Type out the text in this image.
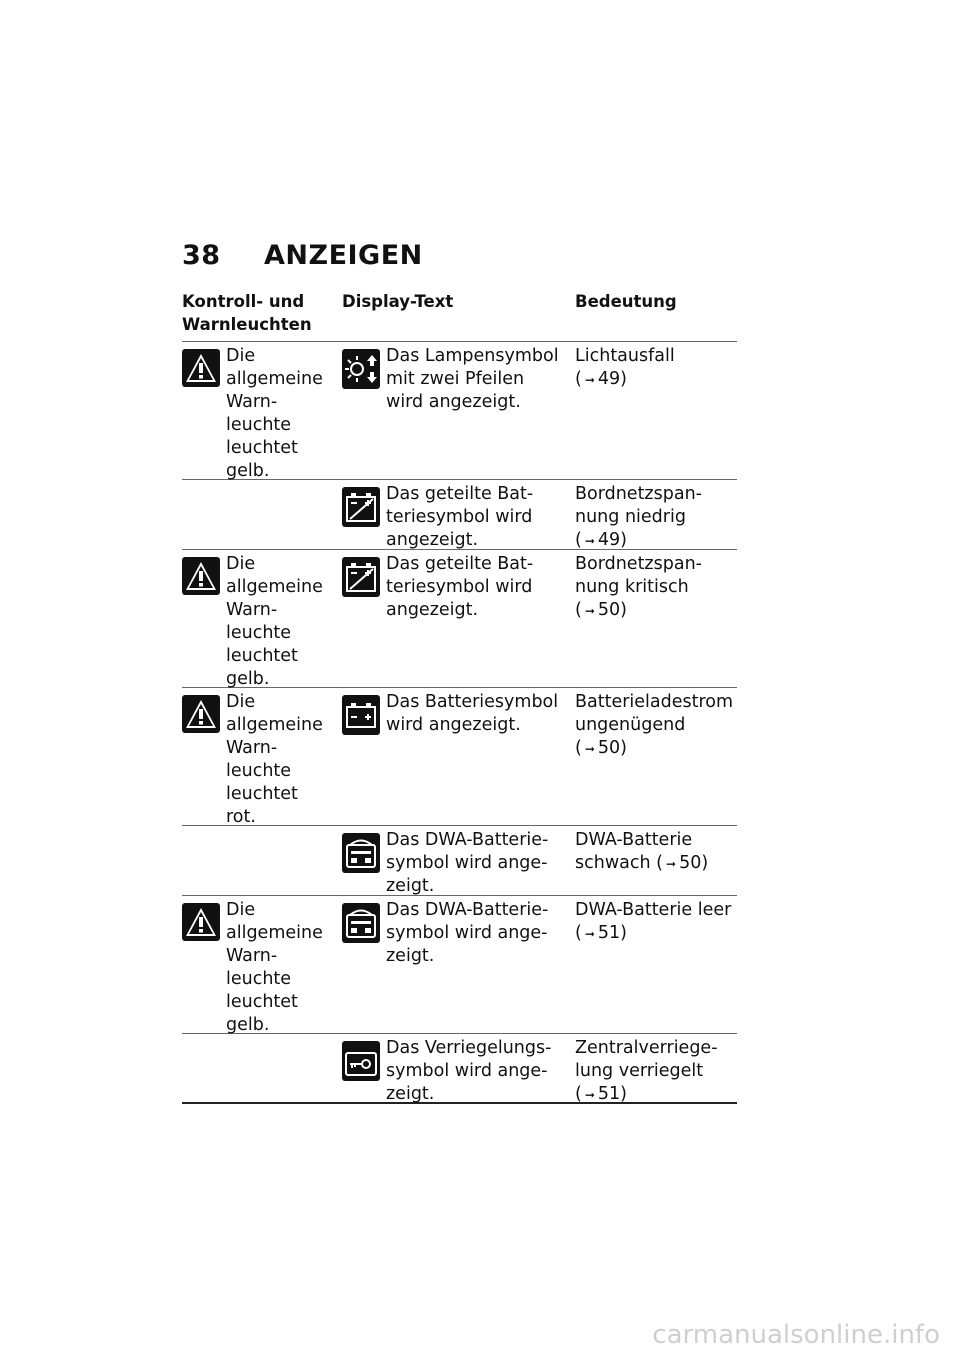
38 ANZEIGEN
Kontroll- und
Warnleuchten
Display-Text	Bedeutung
Die
allgemeine
Warn-
leuchte
leuchtet
gelb.
Das Lampensymbol
mit zwei Pfeilen
wird angezeigt.
Lichtausfall
( ➞ 49)
Das geteilte Bat-
teriesymbol wird
angezeigt.
Bordnetzspan-
nung niedrig
( ➞ 49)
Die
allgemeine
Warn-
leuchte
leuchtet
gelb.
Das geteilte Bat-
teriesymbol wird
angezeigt.
Bordnetzspan-
nung kritisch
( ➞ 50)
Die
allgemeine
Warn-
leuchte
leuchtet
rot.
Das Batteriesymbol
wird angezeigt.
Batterieladestrom
ungenügend
( ➞ 50)
Das DWA-Batterie-
symbol wird ange-
zeigt.
DWA-Batterie
schwach ( ➞ 50)
Die
allgemeine
Warn-
leuchte
leuchtet
gelb.
Das DWA-Batterie-
symbol wird ange-
zeigt.
DWA-Batterie leer
( ➞ 51)
Das Verriegelungs-
symbol wird ange-
zeigt.
Zentralverriege-
lung verriegelt
( ➞ 51)
carmanualsonline.info
